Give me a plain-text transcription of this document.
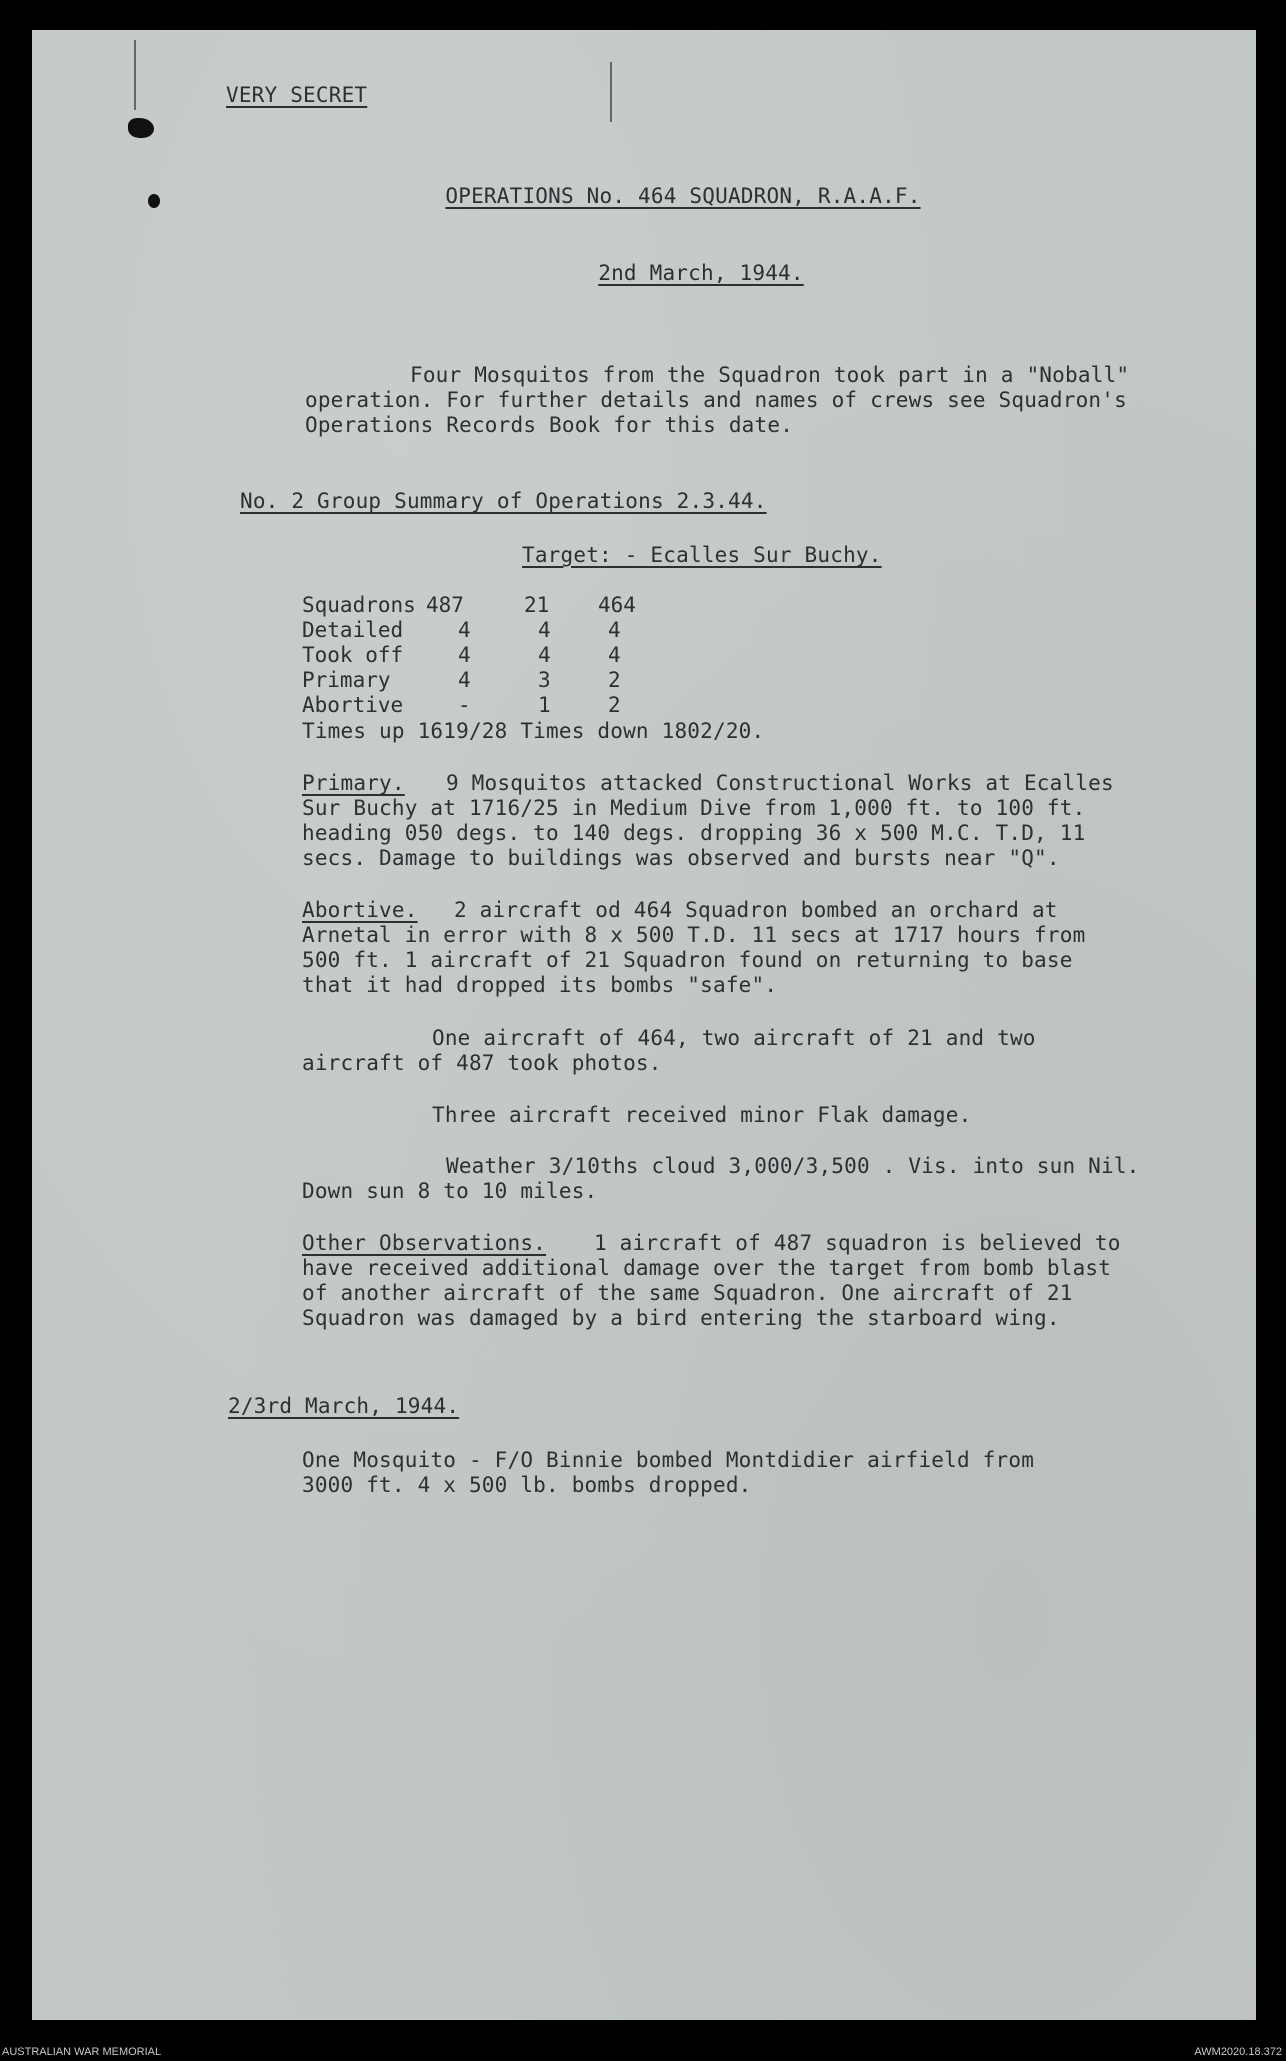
VERY SECRET
OPERATIONS No. 464 SQUADRON, R.A.A.F.
2nd March, 1944.
Four Mosquitos from the Squadron took part in a "Noball"
operation. For further details and names of crews see Squadron's
Operations Records Book for this date.
No. 2 Group Summary of Operations 2.3.44.
Target: - Ecalles Sur Buchy.
Squadrons	487	21	464
Detailed	4	4	4
Took off	4	4	4
Primary	4	3	2
Abortive	-	1	2
Times up 1619/28 Times down 1802/20.
Primary. 9 Mosquitos attacked Constructional Works at Ecalles
Sur Buchy at 1716/25 in Medium Dive from 1,000 ft. to 100 ft.
heading 050 degs. to 140 degs. dropping 36 x 500 M.C. T.D, 11
secs. Damage to buildings was observed and bursts near "Q".
Abortive. 2 aircraft od 464 Squadron bombed an orchard at
Arnetal in error with 8 x 500 T.D. 11 secs at 1717 hours from
500 ft. 1 aircraft of 21 Squadron found on returning to base
that it had dropped its bombs "safe".
One aircraft of 464, two aircraft of 21 and two
aircraft of 487 took photos.
Three aircraft received minor Flak damage.
Weather 3/10ths cloud 3,000/3,500 . Vis. into sun Nil.
Down sun 8 to 10 miles.
Other Observations. 1 aircraft of 487 squadron is believed to
have received additional damage over the target from bomb blast
of another aircraft of the same Squadron. One aircraft of 21
Squadron was damaged by a bird entering the starboard wing.
2/3rd March, 1944.
One Mosquito - F/O Binnie bombed Montdidier airfield from
3000 ft. 4 x 500 lb. bombs dropped.
AUSTRALIAN WAR MEMORIAL	AWM2020.18.372
